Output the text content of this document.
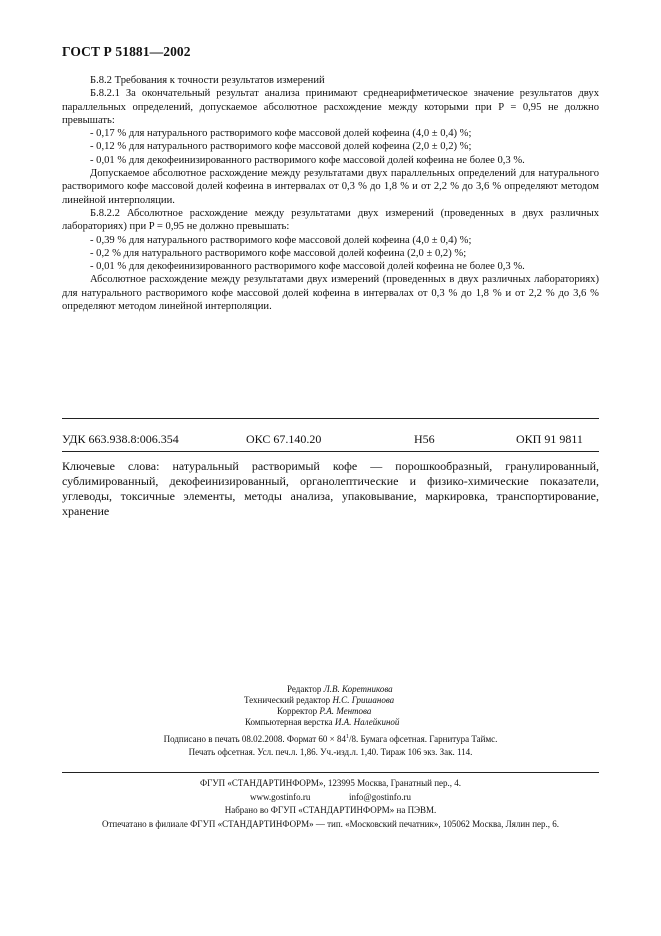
ГОСТ Р 51881—2002

Б.8.2 Требования к точности результатов измерений

Б.8.2.1 За окончательный результат анализа принимают среднеарифметическое значение результатов двух параллельных определений, допускаемое абсолютное расхождение между которыми при P = 0,95 не должно превышать:

- 0,17 % для натурального растворимого кофе массовой долей кофеина (4,0 ± 0,4) %;

- 0,12 % для натурального растворимого кофе массовой долей кофеина (2,0 ± 0,2) %;

- 0,01 % для декофеинизированного растворимого кофе массовой долей кофеина не более 0,3 %.

Допускаемое абсолютное расхождение между результатами двух параллельных определений для натурального растворимого кофе массовой долей кофеина в интервалах от 0,3 % до 1,8 % и от 2,2 % до 3,6 % определяют методом линейной интерполяции.

Б.8.2.2 Абсолютное расхождение между результатами двух измерений (проведенных в двух различных лабораториях) при P = 0,95 не должно превышать:

- 0,39 % для натурального растворимого кофе массовой долей кофеина (4,0 ± 0,4) %;

- 0,2 % для натурального растворимого кофе массовой долей кофеина (2,0 ± 0,2) %;

- 0,01 % для декофеинизированного растворимого кофе массовой долей кофеина не более 0,3 %.

Абсолютное расхождение между результатами двух измерений (проведенных в двух различных лабораториях) для натурального растворимого кофе массовой долей кофеина в интервалах от 0,3 % до 1,8 % и от 2,2 % до 3,6 % определяют методом линейной интерполяции.

УДК 663.938.8:006.354	ОКС 67.140.20	Н56	ОКП 91 9811
Ключевые слова: натуральный растворимый кофе — порошкообразный, гранулированный, сублимированный, декофеинизированный, органолептические и физико-химические показатели, углеводы, токсичные элементы, методы анализа, упаковывание, маркировка, транспортирование, хранение
Редактор Л.В. Коретникова
Технический редактор Н.С. Гришанова
Корректор Р.А. Ментова
Компьютерная верстка И.А. Налейкиной
Подписано в печать 08.02.2008. Формат $60 \times 84^1/8$. Бумага офсетная. Гарнитура Таймс.
Печать офсетная. Усл. печ.л. 1,86. Уч.-изд.л. 1,40. Тираж 106 экз. Зак. 114.
ФГУП «СТАНДАРТИНФОРМ», 123995 Москва, Гранатный пер., 4.
www.gostinfo.ru	info@gostinfo.ru
Набрано во ФГУП «СТАНДАРТИНФОРМ» на ПЭВМ.
Отпечатано в филиале ФГУП «СТАНДАРТИНФОРМ» — тип. «Московский печатник», 105062 Москва, Лялин пер., 6.
